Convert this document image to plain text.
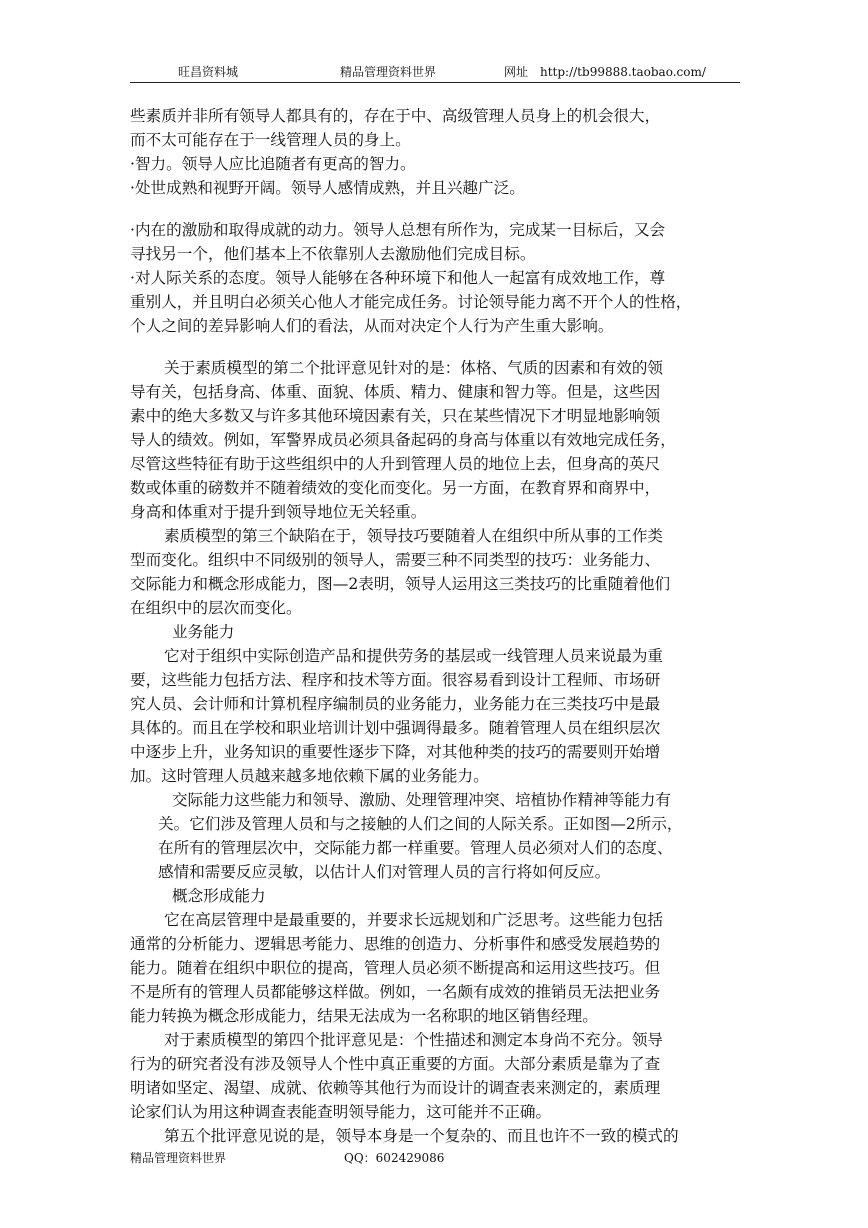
旺昌资料城	精品管理资料世界	网址 http://tb99888.taobao.com/
些素质并非所有领导人都具有的，存在于中、高级管理人员身上的机会很大，
而不太可能存在于一线管理人员的身上。
·智力。领导人应比追随者有更高的智力。
·处世成熟和视野开阔。领导人感情成熟，并且兴趣广泛。
·内在的激励和取得成就的动力。领导人总想有所作为，完成某一目标后，又会
寻找另一个，他们基本上不依靠别人去激励他们完成目标。
·对人际关系的态度。领导人能够在各种环境下和他人一起富有成效地工作，尊
重别人，并且明白必须关心他人才能完成任务。讨论领导能力离不开个人的性格，
个人之间的差异影响人们的看法，从而对决定个人行为产生重大影响。
关于素质模型的第二个批评意见针对的是：体格、气质的因素和有效的领
导有关，包括身高、体重、面貌、体质、精力、健康和智力等。但是，这些因
素中的绝大多数又与许多其他环境因素有关，只在某些情况下才明显地影响领
导人的绩效。例如，军警界成员必须具备起码的身高与体重以有效地完成任务，
尽管这些特征有助于这些组织中的人升到管理人员的地位上去，但身高的英尺
数或体重的磅数并不随着绩效的变化而变化。另一方面，在教育界和商界中，
身高和体重对于提升到领导地位无关轻重。
素质模型的第三个缺陷在于，领导技巧要随着人在组织中所从事的工作类
型而变化。组织中不同级别的领导人，需要三种不同类型的技巧：业务能力、
交际能力和概念形成能力，图—2表明，领导人运用这三类技巧的比重随着他们
在组织中的层次而变化。
业务能力
它对于组织中实际创造产品和提供劳务的基层或一线管理人员来说最为重
要，这些能力包括方法、程序和技术等方面。很容易看到设计工程师、市场研
究人员、会计师和计算机程序编制员的业务能力，业务能力在三类技巧中是最
具体的。而且在学校和职业培训计划中强调得最多。随着管理人员在组织层次
中逐步上升，业务知识的重要性逐步下降，对其他种类的技巧的需要则开始增
加。这时管理人员越来越多地依赖下属的业务能力。
交际能力这些能力和领导、激励、处理管理冲突、培植协作精神等能力有
关。它们涉及管理人员和与之接触的人们之间的人际关系。正如图—2所示，
在所有的管理层次中，交际能力都一样重要。管理人员必须对人们的态度、
感情和需要反应灵敏，以估计人们对管理人员的言行将如何反应。
概念形成能力
它在高层管理中是最重要的，并要求长远规划和广泛思考。这些能力包括
通常的分析能力、逻辑思考能力、思维的创造力、分析事件和感受发展趋势的
能力。随着在组织中职位的提高，管理人员必须不断提高和运用这些技巧。但
不是所有的管理人员都能够这样做。例如，一名颇有成效的推销员无法把业务
能力转换为概念形成能力，结果无法成为一名称职的地区销售经理。
对于素质模型的第四个批评意见是：个性描述和测定本身尚不充分。领导
行为的研究者没有涉及领导人个性中真正重要的方面。大部分素质是靠为了查
明诸如坚定、渴望、成就、依赖等其他行为而设计的调查表来测定的，素质理
论家们认为用这种调查表能查明领导能力，这可能并不正确。
第五个批评意见说的是，领导本身是一个复杂的、而且也许不一致的模式的
精品管理资料世界	QQ：602429086
